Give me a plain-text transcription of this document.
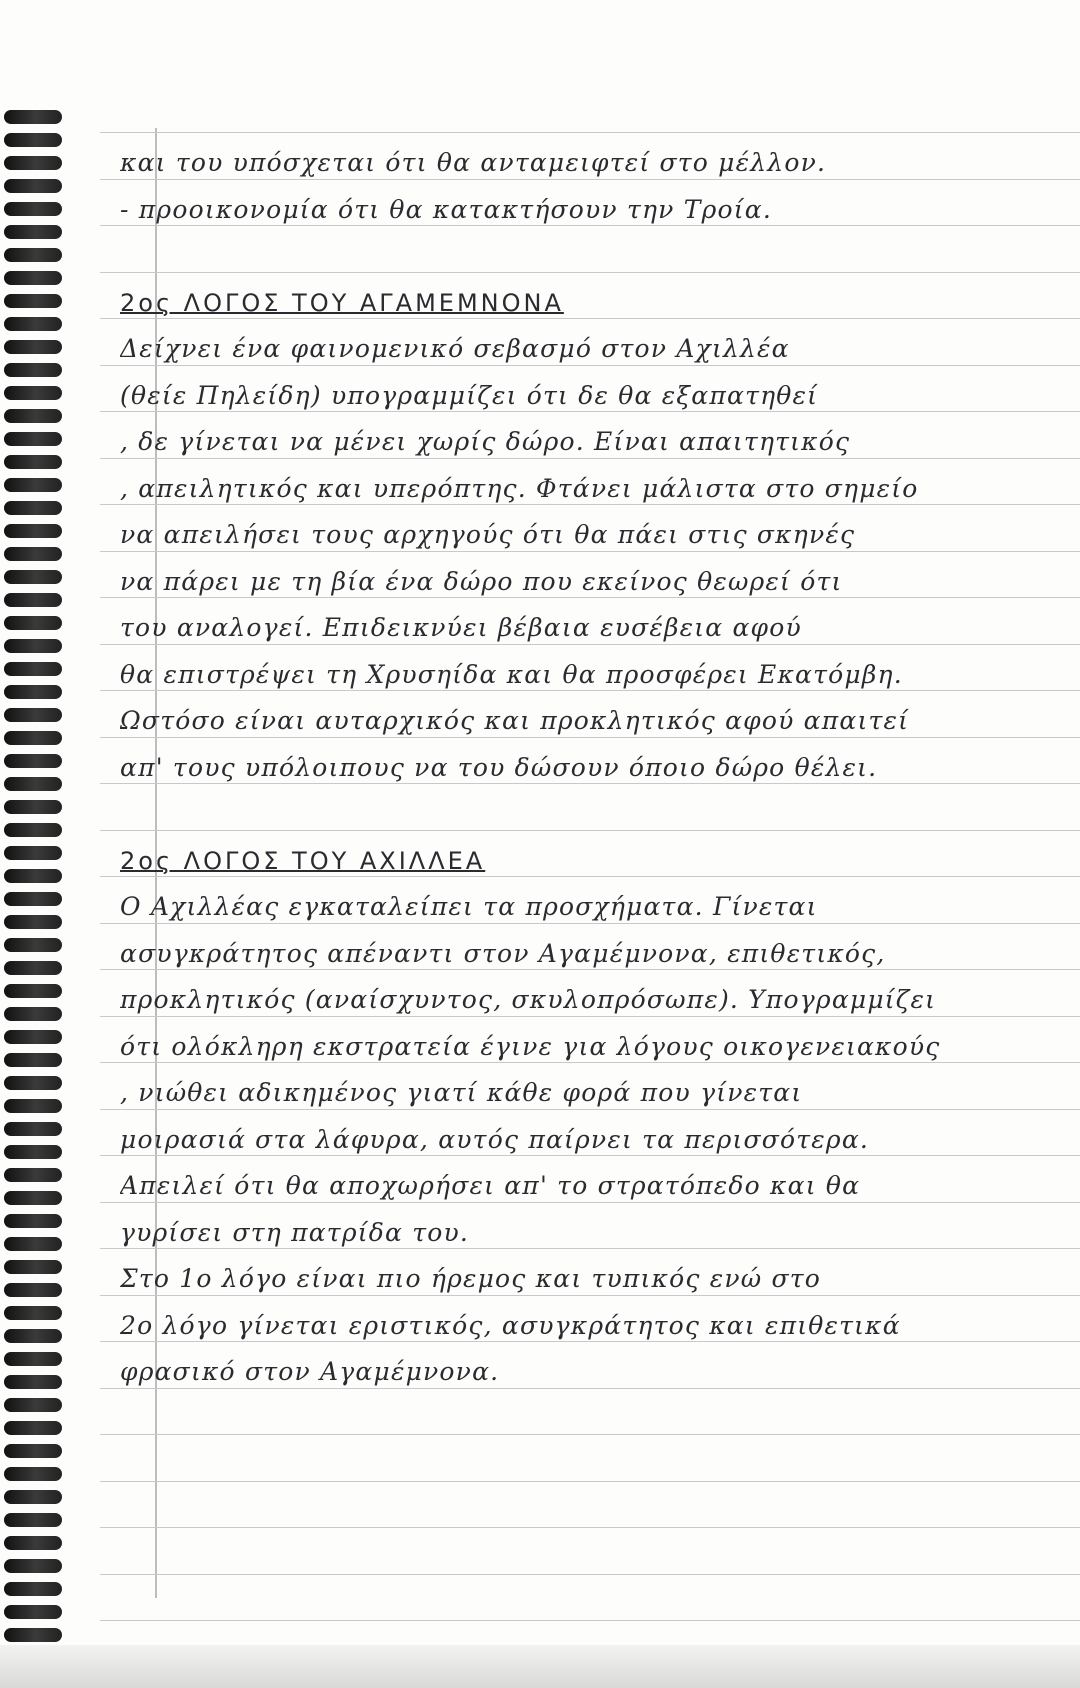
και του υπόσχεται ότι θα ανταμειφτεί στο μέλλον.
- προοικονομία ότι θα κατακτήσουν την Τροία.
2ος ΛΟΓΟΣ ΤΟΥ ΑΓΑΜΕΜΝΟΝΑ
Δείχνει ένα φαινομενικό σεβασμό στον Αχιλλέα
(θείε Πηλείδη) υπογραμμίζει ότι δε θα εξαπατηθεί
, δε γίνεται να μένει χωρίς δώρο. Είναι απαιτητικός
, απειλητικός και υπερόπτης. Φτάνει μάλιστα στο σημείο
να απειλήσει τους αρχηγούς ότι θα πάει στις σκηνές
να πάρει με τη βία ένα δώρο που εκείνος θεωρεί ότι
του αναλογεί. Επιδεικνύει βέβαια ευσέβεια αφού
θα επιστρέψει τη Χρυσηίδα και θα προσφέρει Εκατόμβη.
Ωστόσο είναι αυταρχικός και προκλητικός αφού απαιτεί
απ' τους υπόλοιπους να του δώσουν όποιο δώρο θέλει.
2ος ΛΟΓΟΣ ΤΟΥ ΑΧΙΛΛΕΑ
Ο Αχιλλέας εγκαταλείπει τα προσχήματα. Γίνεται
ασυγκράτητος απέναντι στον Αγαμέμνονα, επιθετικός,
προκλητικός (αναίσχυντος, σκυλοπρόσωπε). Υπογραμμίζει
ότι ολόκληρη εκστρατεία έγινε για λόγους οικογενειακούς
, νιώθει αδικημένος γιατί κάθε φορά που γίνεται
μοιρασιά στα λάφυρα, αυτός παίρνει τα περισσότερα.
Απειλεί ότι θα αποχωρήσει απ' το στρατόπεδο και θα
γυρίσει στη πατρίδα του.
Στο 1ο λόγο είναι πιο ήρεμος και τυπικός ενώ στο
2ο λόγο γίνεται εριστικός, ασυγκράτητος και επιθετικά
φρασικό στον Αγαμέμνονα.
